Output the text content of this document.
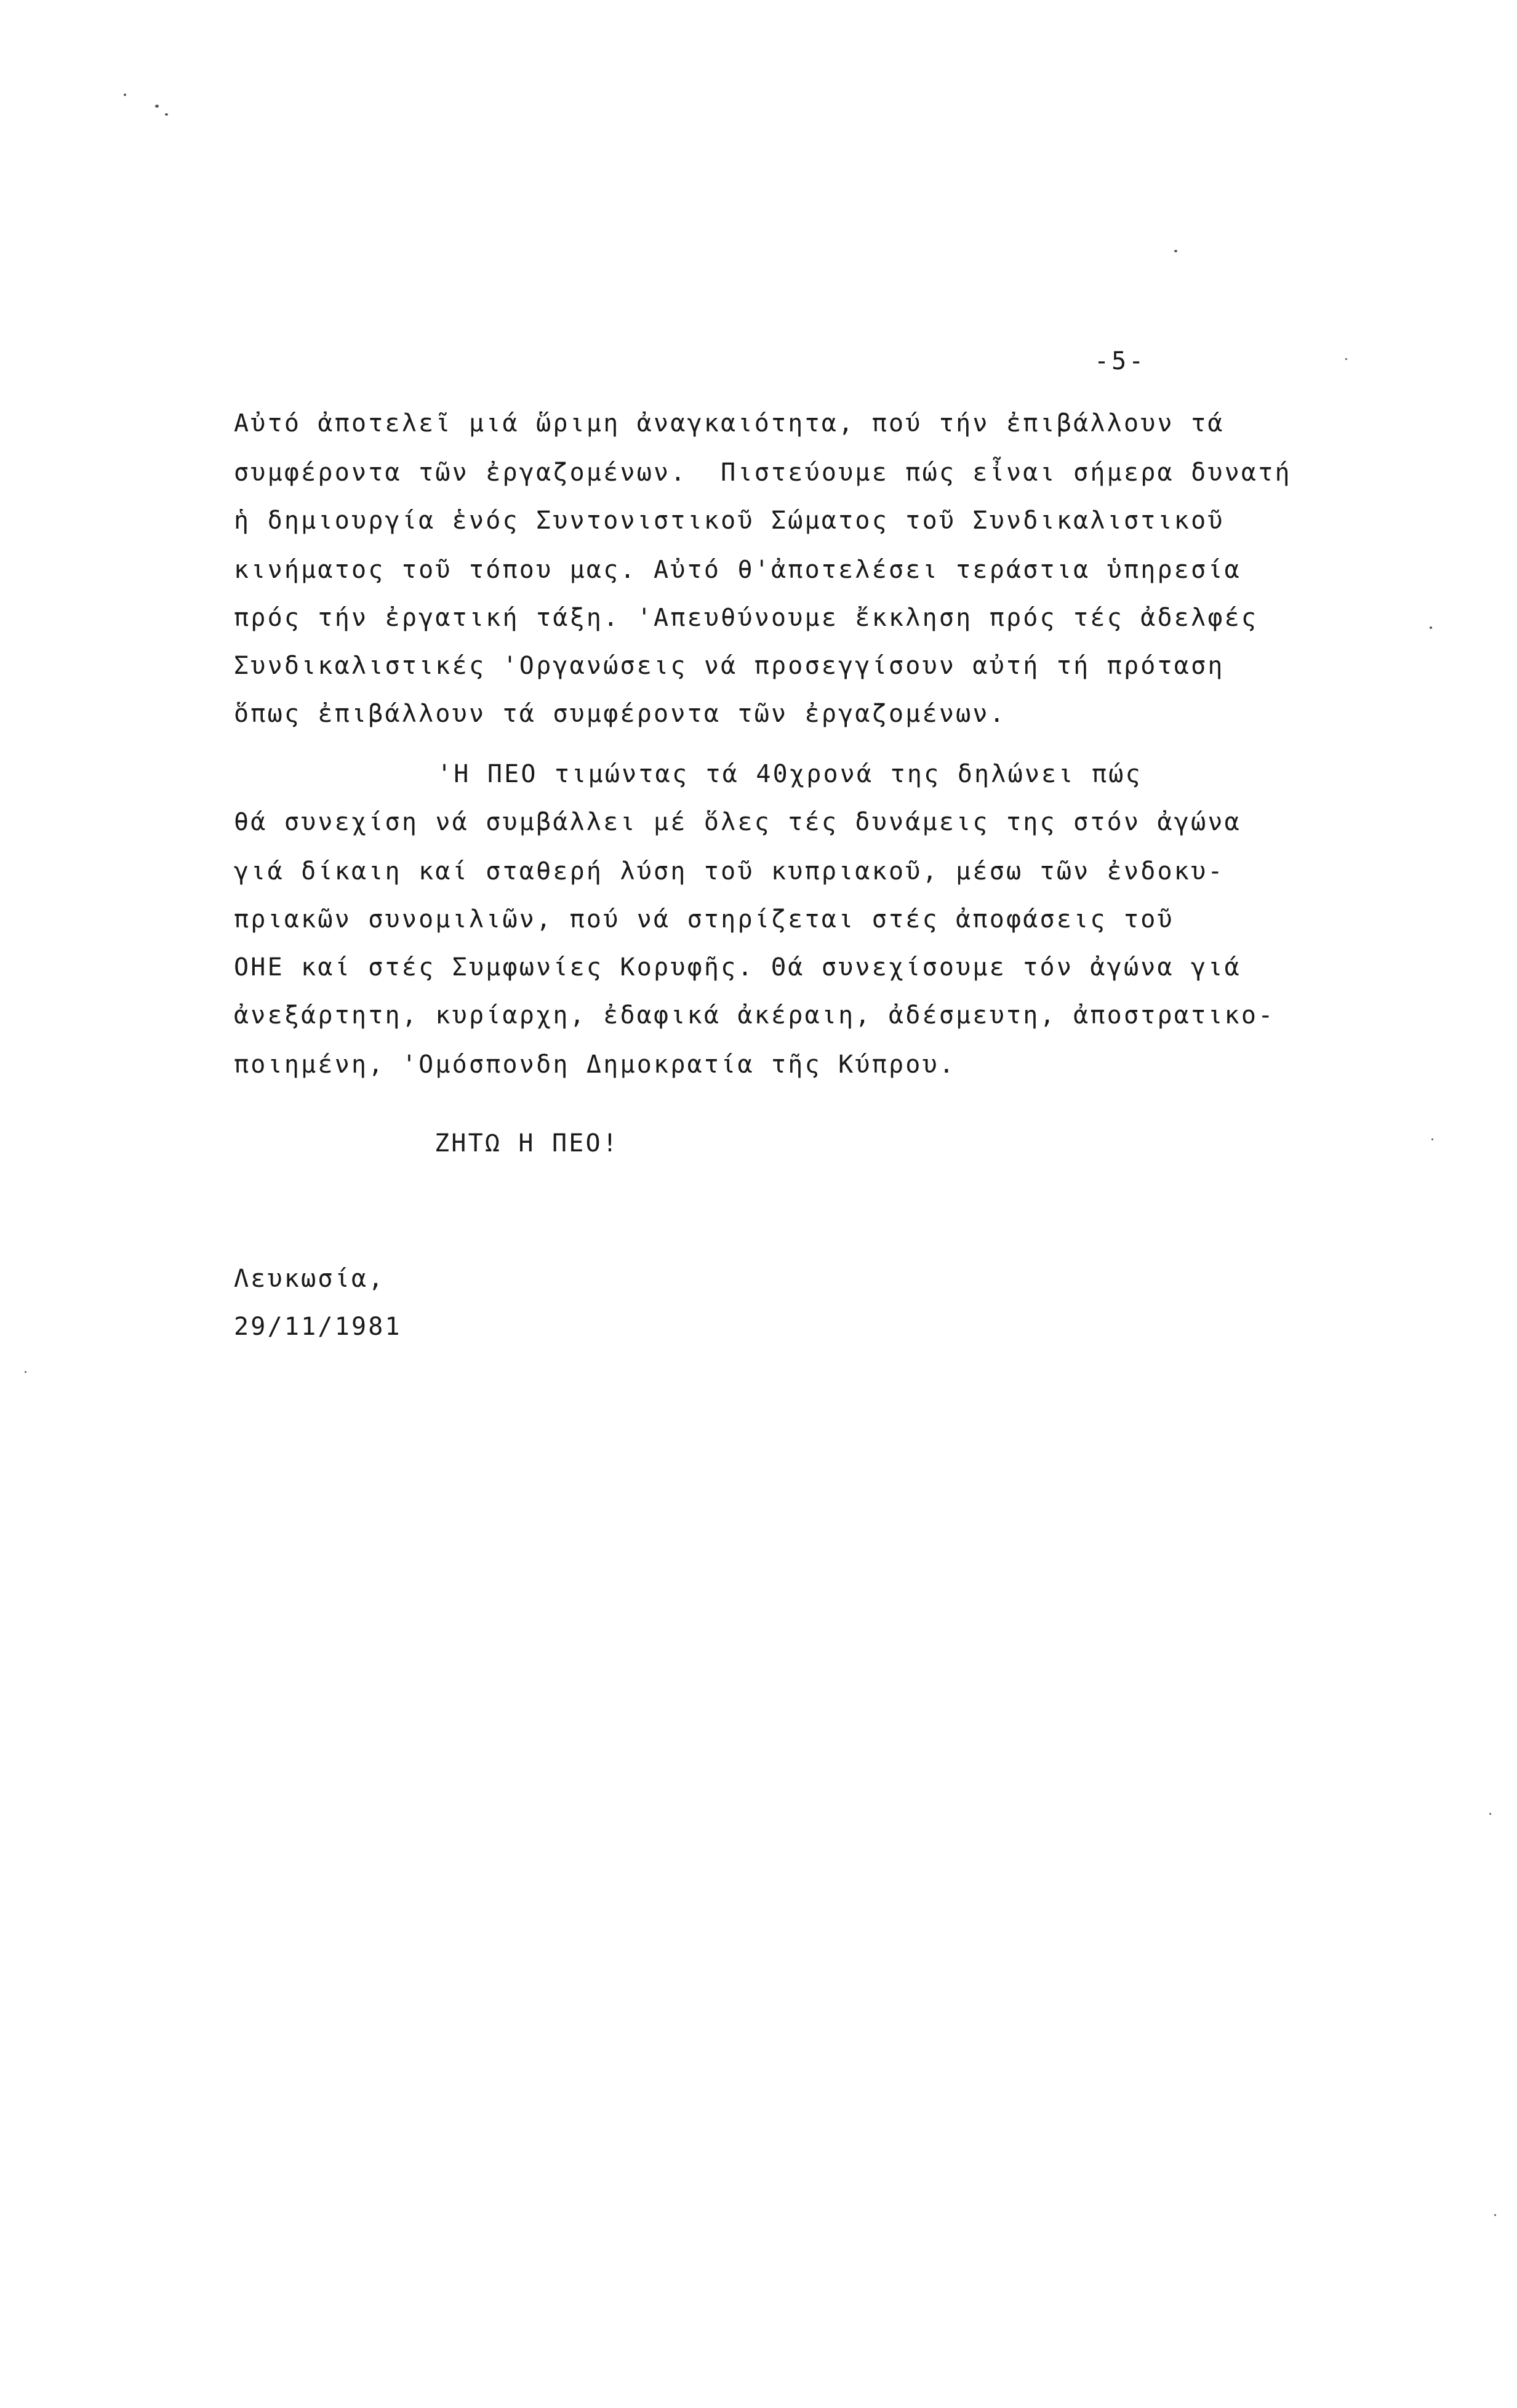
-5-
Αὐτό ἀποτελεῖ μιά ὥριμη ἀναγκαιότητα, πού τήν ἐπιβάλλουν τά
συμφέροντα τῶν ἐργαζομένων.  Πιστεύουμε πώς εἶναι σήμερα δυνατή
ἡ δημιουργία ἑνός Συντονιστικοῦ Σώματος τοῦ Συνδικαλιστικοῦ
κινήματος τοῦ τόπου μας. Αὐτό θ'ἀποτελέσει τεράστια ὑπηρεσία
πρός τήν ἐργατική τάξη. 'Απευθύνουμε ἔκκληση πρός τές ἀδελφές
Συνδικαλιστικές 'Οργανώσεις νά προσεγγίσουν αὐτή τή πρόταση
ὅπως ἐπιβάλλουν τά συμφέροντα τῶν ἐργαζομένων.
'Η ΠΕΟ τιμώντας τά 40χρονά της δηλώνει πώς
θά συνεχίση νά συμβάλλει μέ ὅλες τές δυνάμεις της στόν ἀγώνα
γιά δίκαιη καί σταθερή λύση τοῦ κυπριακοῦ, μέσω τῶν ἐνδοκυ-
πριακῶν συνομιλιῶν, πού νά στηρίζεται στές ἀποφάσεις τοῦ
ΟΗΕ καί στές Συμφωνίες Κορυφῆς. Θά συνεχίσουμε τόν ἀγώνα γιά
ἀνεξάρτητη, κυρίαρχη, ἐδαφικά ἀκέραιη, ἀδέσμευτη, ἀποστρατικο-
ποιημένη, 'Ομόσπονδη Δημοκρατία τῆς Κύπρου.
ΖΗΤΩ Η ΠΕΟ!
Λευκωσία,
29/11/1981
